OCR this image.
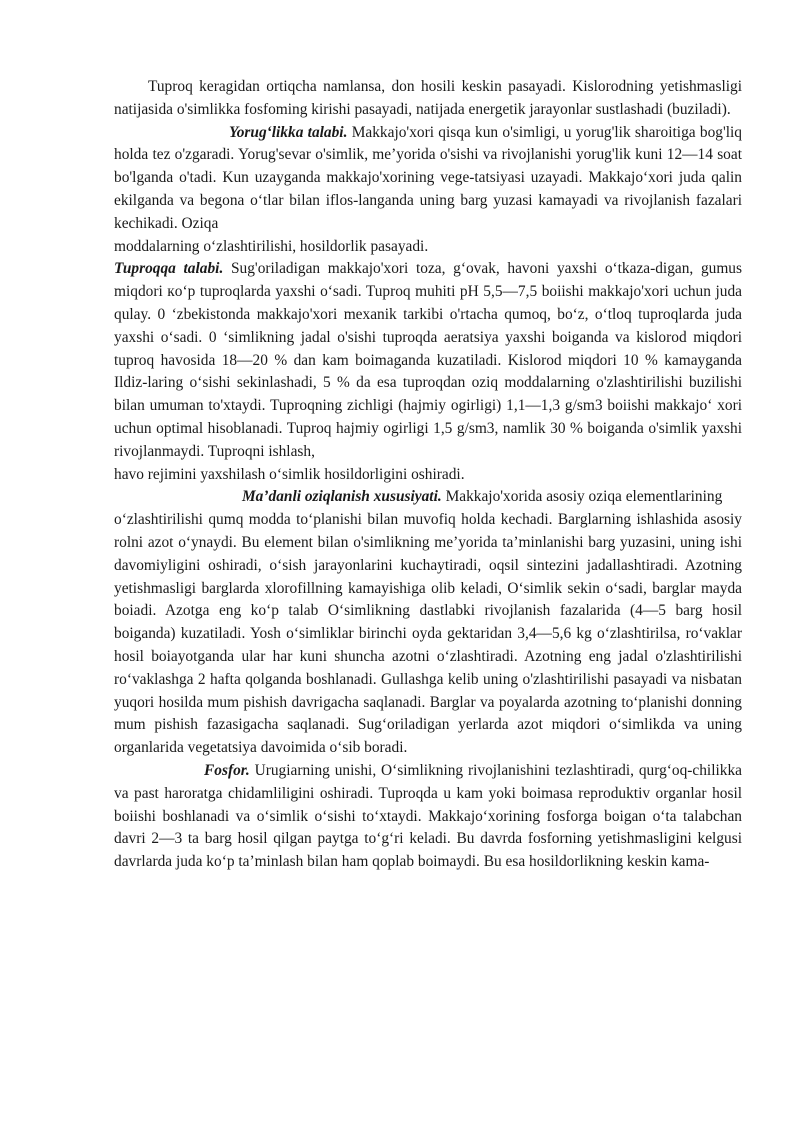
Tuproq keragidan ortiqcha namlansa, don hosili keskin pasayadi. Kislorodning yetishmasligi natijasida o'simlikka fosfoming kirishi pasayadi, natijada energetik jarayonlar sustlashadi (buziladi).

Yorug‘likka talabi. Makkajo'xori qisqa kun o'simligi, u yorug'lik sharoitiga bog'liq holda tez o'zgaradi. Yorug'sevar o'simlik, me’yorida o'sishi va rivojlanishi yorug'lik kuni 12—14 soat bo'lganda o'tadi. Kun uzayganda makkajo'xorining vege-tatsiyasi uzayadi. Makkajo‘xori juda qalin ekilganda va begona o‘tlar bilan iflos-langanda uning barg yuzasi kamayadi va rivojlanish fazalari kechikadi. Oziqa

moddalarning o‘zlashtirilishi, hosildorlik pasayadi.

Tuproqqa talabi. Sug'oriladigan makkajo'xori toza, g‘ovak, havoni yaxshi o‘tkaza-digan, gumus miqdori кo‘p tuproqlarda yaxshi o‘sadi. Tuproq muhiti pH 5,5—7,5 boiishi makkajo'xori uchun juda qulay. 0 ‘zbekistonda makkajo'xori mexanik tarkibi o'rtacha qumoq, bo‘z, o‘tloq tuproqlarda juda yaxshi o‘sadi. 0 ‘simlikning jadal o'sishi tuproqda aeratsiya yaxshi boiganda va kislorod miqdori tuproq havosida 18—20 % dan kam boimaganda kuzatiladi. Kislorod miqdori 10 % kamayganda Ildiz-laring o‘sishi sekinlashadi, 5 % da esa tuproqdan oziq moddalarning o'zlashtirilishi buzilishi bilan umuman to'xtaydi. Tuproqning zichligi (hajmiy ogirligi) 1,1—1,3 g/sm3 boiishi makkajo‘ xori uchun optimal hisoblanadi. Tuproq hajmiy ogirligi 1,5 g/sm3, namlik 30 % boiganda o'simlik yaxshi rivojlanmaydi. Tuproqni ishlash,

havo rejimini yaxshilash o‘simlik hosildorligini oshiradi.

Ma’danli oziqlanish xususiyati. Makkajo'xorida asosiy oziqa elementlarining

o‘zlashtirilishi qumq modda to‘planishi bilan muvofiq holda kechadi. Barglarning ishlashida asosiy rolni azot o‘ynaydi. Bu element bilan o'simlikning me’yorida ta’minlanishi barg yuzasini, uning ishi davomiyligini oshiradi, o‘sish jarayonlarini kuchaytiradi, oqsil sintezini jadallashtiradi. Azotning yetishmasligi barglarda xlorofillning kamayishiga olib keladi, O‘simlik sekin o‘sadi, barglar mayda boiadi. Azotga eng ko‘p talab O‘simlikning dastlabki rivojlanish fazalarida (4—5 barg hosil boiganda) kuzatiladi. Yosh o‘simliklar birinchi oyda gektaridan 3,4—5,6 kg o‘zlashtirilsa, ro‘vaklar hosil boiayotganda ular har kuni shuncha azotni o‘zlashtiradi. Azotning eng jadal o'zlashtirilishi ro‘vaklashga 2 hafta qolganda boshlanadi. Gullashga kelib uning o'zlashtirilishi pasayadi va nisbatan yuqori hosilda mum pishish davrigacha saqlanadi. Barglar va poyalarda azotning to‘planishi donning mum pishish fazasigacha saqlanadi. Sug‘oriladigan yerlarda azot miqdori o‘simlikda va uning organlarida vegetatsiya davoimida o‘sib boradi.

Fosfor. Urugiarning unishi, O‘simlikning rivojlanishini tezlashtiradi, qurg‘oq-chilikka va past haroratga chidamliligini oshiradi. Tuproqda u kam yoki boimasa reproduktiv organlar hosil boiishi boshlanadi va o‘simlik o‘sishi to‘xtaydi. Makkajo‘xorining fosforga boigan o‘ta talabchan davri 2—3 ta barg hosil qilgan paytga to‘g‘ri keladi. Bu davrda fosforning yetishmasligini kelgusi davrlarda juda ko‘p ta’minlash bilan ham qoplab boimaydi. Bu esa hosildorlikning keskin kama-
